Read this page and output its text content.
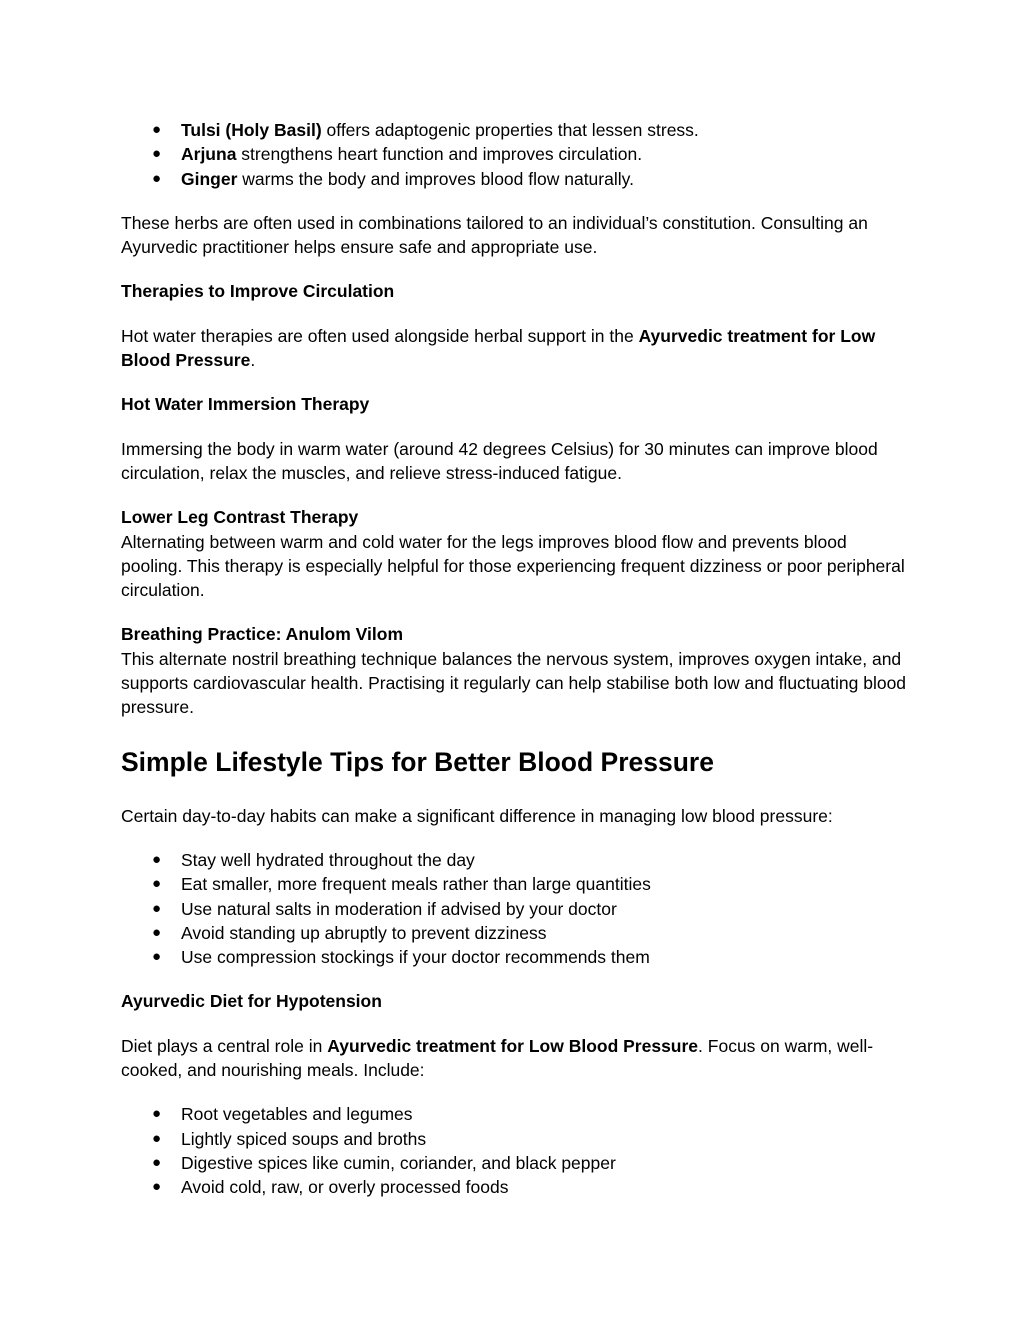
● Tulsi (Holy Basil) offers adaptogenic properties that lessen stress.
● Arjuna strengthens heart function and improves circulation.
● Ginger warms the body and improves blood flow naturally.

These herbs are often used in combinations tailored to an individual’s constitution. Consulting an Ayurvedic practitioner helps ensure safe and appropriate use.

Therapies to Improve Circulation

Hot water therapies are often used alongside herbal support in the Ayurvedic treatment for Low Blood Pressure.

Hot Water Immersion Therapy

Immersing the body in warm water (around 42 degrees Celsius) for 30 minutes can improve blood circulation, relax the muscles, and relieve stress-induced fatigue.

Lower Leg Contrast Therapy

Alternating between warm and cold water for the legs improves blood flow and prevents blood pooling. This therapy is especially helpful for those experiencing frequent dizziness or poor peripheral circulation.

Breathing Practice: Anulom Vilom

This alternate nostril breathing technique balances the nervous system, improves oxygen intake, and supports cardiovascular health. Practising it regularly can help stabilise both low and fluctuating blood pressure.

Simple Lifestyle Tips for Better Blood Pressure

Certain day-to-day habits can make a significant difference in managing low blood pressure:

● Stay well hydrated throughout the day
● Eat smaller, more frequent meals rather than large quantities
● Use natural salts in moderation if advised by your doctor
● Avoid standing up abruptly to prevent dizziness
● Use compression stockings if your doctor recommends them
Ayurvedic Diet for Hypotension

Diet plays a central role in Ayurvedic treatment for Low Blood Pressure. Focus on warm, well-cooked, and nourishing meals. Include:

● Root vegetables and legumes
● Lightly spiced soups and broths
● Digestive spices like cumin, coriander, and black pepper
● Avoid cold, raw, or overly processed foods
